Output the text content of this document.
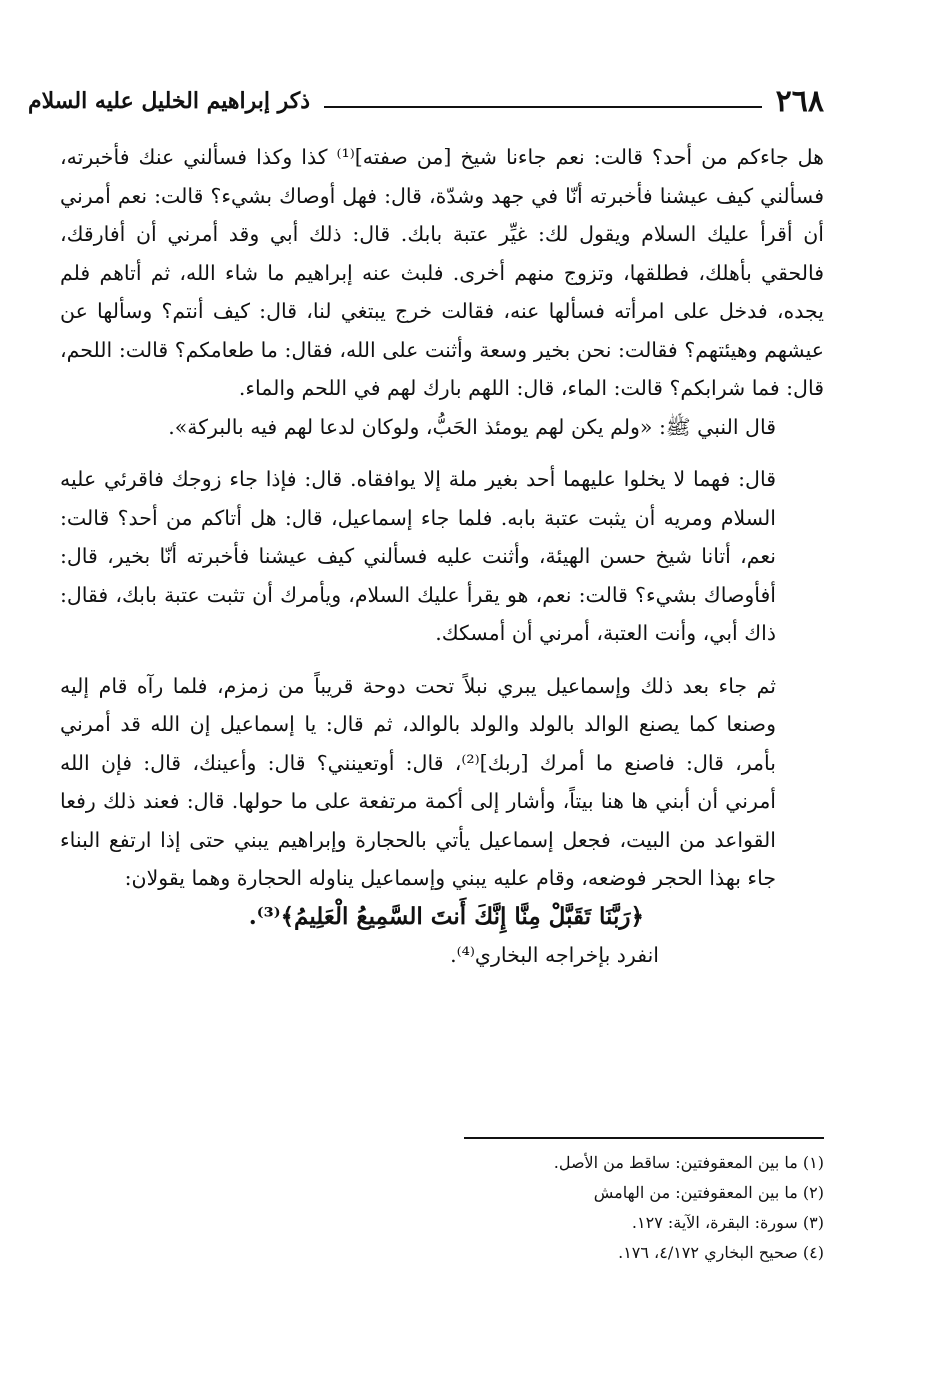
٢٦٨
ذكر إبراهيم الخليل عليه السلام

هل جاءكم من أحد؟ قالت: نعم جاءنا شيخ [من صفته]⁽¹⁾ كذا وكذا فسألني عنك فأخبرته، فسألني كيف عيشنا فأخبرته أنّا في جهد وشدّة، قال: فهل أوصاك بشيء؟ قالت: نعم أمرني أن أقرأ عليك السلام ويقول لك: غيِّر عتبة بابك. قال: ذلك أبي وقد أمرني أن أفارقك، فالحقي بأهلك، فطلقها، وتزوج منهم أخرى. فلبث عنه إبراهيم ما شاء الله، ثم أتاهم فلم يجده، فدخل على امرأته فسألها عنه، فقالت خرج يبتغي لنا، قال: كيف أنتم؟ وسألها عن عيشهم وهيئتهم؟ فقالت: نحن بخير وسعة وأثنت على الله، فقال: ما طعامكم؟ قالت: اللحم، قال: فما شرابكم؟ قالت: الماء، قال: اللهم بارك لهم في اللحم والماء.

قال النبي ﷺ: «ولم يكن لهم يومئذ الحَبُّ، ولوكان لدعا لهم فيه بالبركة».

قال: فهما لا يخلوا عليهما أحد بغير ملة إلا يوافقاه. قال: فإذا جاء زوجك فاقرئي عليه السلام ومريه أن يثبت عتبة بابه. فلما جاء إسماعيل، قال: هل أتاكم من أحد؟ قالت: نعم، أتانا شيخ حسن الهيئة، وأثنت عليه فسألني كيف عيشنا فأخبرته أنّا بخير، قال: أفأوصاك بشيء؟ قالت: نعم، هو يقرأ عليك السلام، ويأمرك أن تثبت عتبة بابك، فقال: ذاك أبي، وأنت العتبة، أمرني أن أمسكك.

ثم جاء بعد ذلك وإسماعيل يبري نبلاً تحت دوحة قريباً من زمزم، فلما رآه قام إليه وصنعا كما يصنع الوالد بالولد والولد بالوالد، ثم قال: يا إسماعيل إن الله قد أمرني بأمر، قال: فاصنع ما أمرك [ربك]⁽²⁾، قال: أوتعينني؟ قال: وأعينك، قال: فإن الله أمرني أن أبني ها هنا بيتاً، وأشار إلى أكمة مرتفعة على ما حولها. قال: فعند ذلك رفعا القواعد من البيت، فجعل إسماعيل يأتي بالحجارة وإبراهيم يبني حتى إذا ارتفع البناء جاء بهذا الحجر فوضعه، وقام عليه يبني وإسماعيل يناوله الحجارة وهما يقولان:

﴿رَبَّنَا تَقَبَّلْ مِنَّا إِنَّكَ أَنتَ السَّمِيعُ الْعَلِيمُ﴾⁽³⁾.

انفرد بإخراجه البخاري⁽⁴⁾.

(١) ما بين المعقوفتين: ساقط من الأصل.
(٢) ما بين المعقوفتين: من الهامش
(٣) سورة: البقرة، الآية: ١٢٧.
(٤) صحيح البخاري ٤/١٧٢، ١٧٦.
